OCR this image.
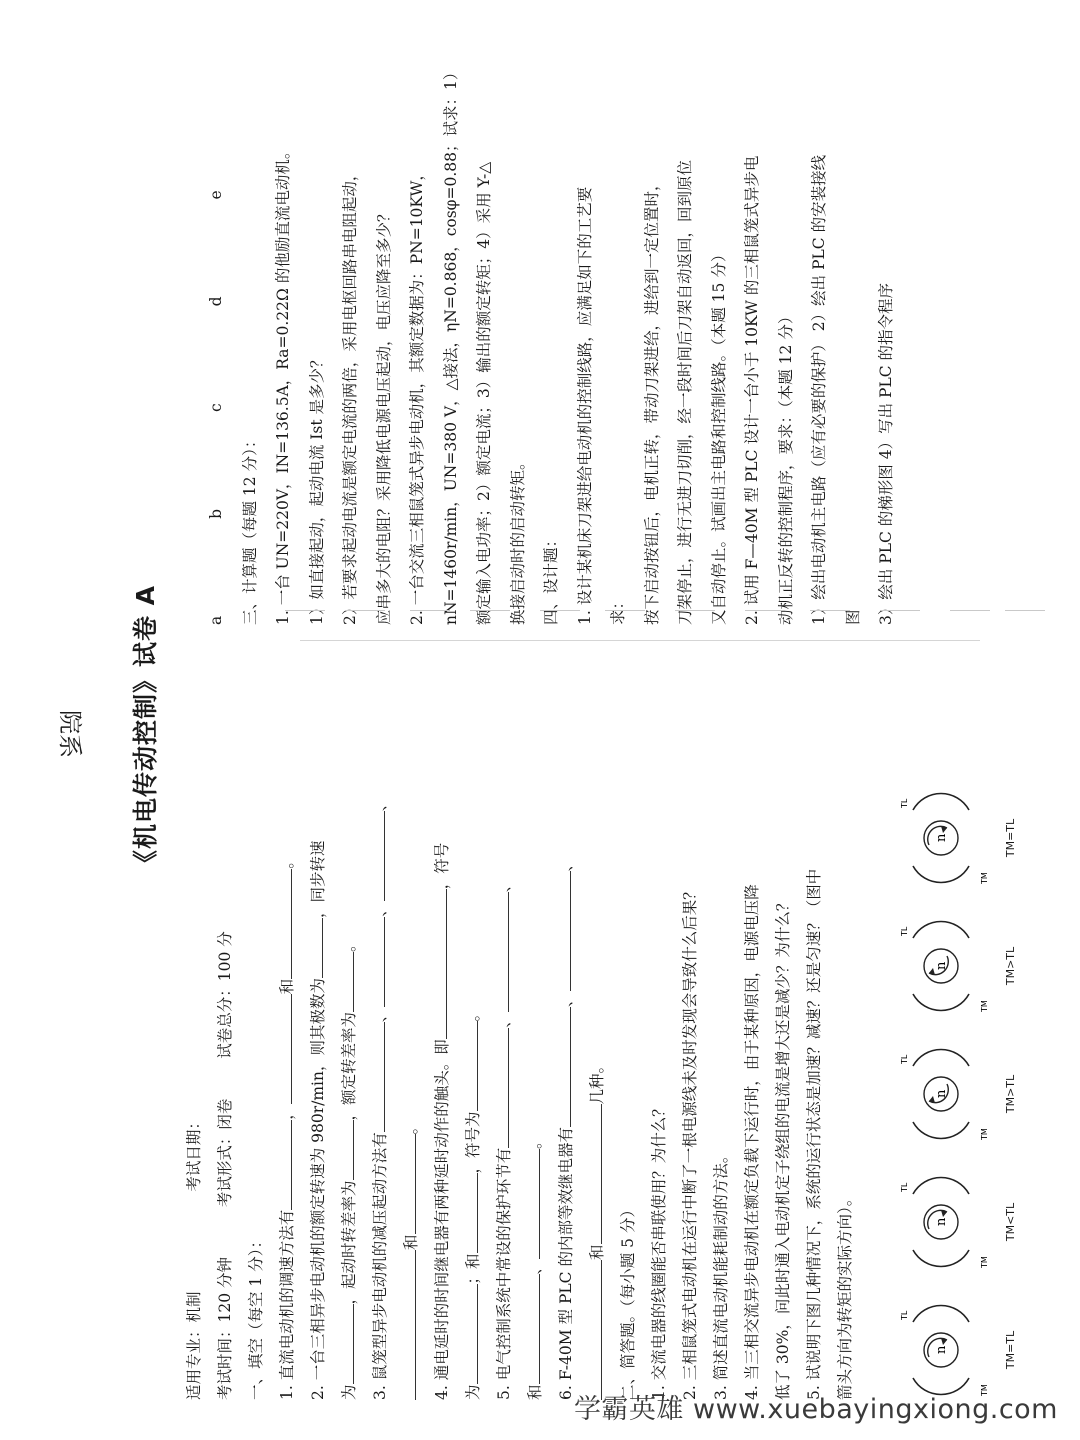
《机电传动控制》试卷 A
适用专业：机制  考试日期：
考试时间：120 分钟  考试形式：闭卷  试卷总分：100 分
一、填空（每空 1 分）： 1. 直流电动机的调速方法有，和。
2. 一台三相异步电动机的额定转速为 980r/min，则其极数为，同步转速
为，起动时转差率为，额定转差率为。
3. 鼠笼型异步电动机的减压起动方法有、、、
和。 4. 通电延时的时间继电器有两种延时动作的触头。即，符号
为；和，符号为。
5. 电气控制系统中常设的保护环节有、、
和、。 6. F-40M 型 PLC 的内部等效继电器有、、
和几种。
二、简答题。（每小题 5 分） 1. 交流电器的线圈能否串联使用？为什么？ 2. 三相鼠笼式电动机在运行中断了一根电源线未及时发现会导致什么后果？ 3. 简述直流电动机能耗制动的方法。 4. 当三相交流异步电动机在额定负载下运行时，由于某种原因，电源电压降 低了 30%，问此时通入电动机定子绕组的电流是增大还是减少？为什么？ 5. 试说明下图几种情况下，系统的运行状态是加速？减速？还是匀速？（图中 箭头方向为转矩的实际方向）。	n
TM
TL
TM=TL
n
TM
TL
TM<TL
n
TM
TL
TM>TL
n
TM
TL
TM>TL
n
TM
TL
TM=TL
a b c d e
三、计算题（每题 12 分）：	1. 一台 UN=220V，IN=136.5A，Ra=0.22Ω 的他励直流电动机。	1）如直接起动，起动电流 Ist 是多少？	2）若要求起动电流是额定电流的两倍，采用电枢回路串电阻起动，	应串多大的电阻？采用降低电源电压起动，电压应降至多少？	2. 一台交流三相鼠笼式异步电动机，其额定数据为：PN=10KW，	nN=1460r/min，UN=380 V，△接法，ηN=0.868，cosφ=0.88；试求：1）	额定输入电功率；2）额定电流；3）输出的额定转矩；4）采用 Y-△	换接启动时的启动转矩。	四、设计题：	1. 设计某机床刀架进给电动机的控制线路，应满足如下的工艺要	求：	按下启动按钮后，电机正转，带动刀架进给，进给到一定位置时，	刀架停止，进行无进刀切削，经一段时间后刀架自动返回，回到原位	又自动停止。试画出主电路和控制线路。（本题 15 分）	2. 试用 F—40M 型 PLC 设计一台小于 10KW 的三相鼠笼式异步电	动机正反转的控制程序，要求：（本题 12 分）	1）绘出电动机主电路（应有必要的保护） 2）绘出 PLC 的安装接线	图	3）绘出 PLC 的梯形图 4）写出 PLC 的指令程序
院系
学霸英雄 www.xuebayingxiong.com
